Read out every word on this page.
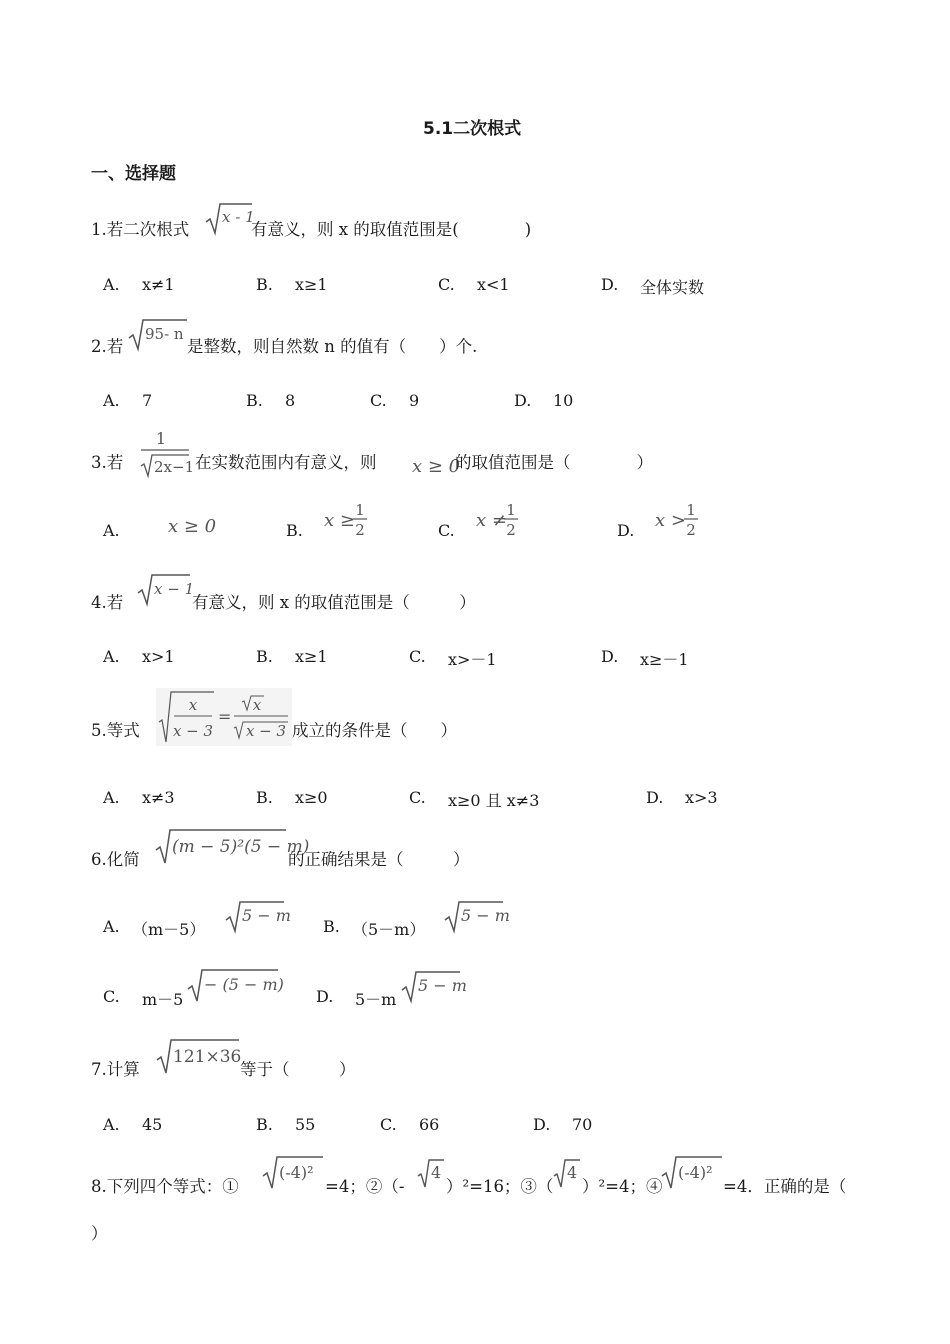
5.1二次根式
一、选择题
1.若二次根式
x - 1
有意义，则 x 的取值范围是(　　　　)
A. x≠1	B. x≥1	C. x<1	D. 全体实数
2.若
95- n
是整数，则自然数 n 的值有（　　）个.
A. 7	B. 8	C. 9	D. 10
3.若
1
2x−1 在实数范围内有意义，则 x ≥ 0
的取值范围是（　　　　）
A.	x ≥ 0	B. x ≥ 1
2	C. x ≠ 1
2	D. x > 1
2
4.若
x − 1
有意义，则 x 的取值范围是（　　　）
A. x>1	B. x≥1	C. x>－1	D. x≥－1
5.等式
x
x − 3
=
x
x − 3 成立的条件是（　　）
A. x≠3	B. x≥0	C. x≥0 且 x≠3	D. x>3
6.化简
(m − 5)²(5 − m)
的正确结果是（　　　）
A. （m－5）
5 − m
B. （5－m）
5 − m
C. m－5
− (5 − m)
D. 5－m
5 − m
7.计算
121×36
等于（　　　）
A. 45	B. 55	C. 66	D. 70
8.下列四个等式：①
(-4)²
=4；②（-
4
）²=16；③（
4
）²=4；④
(-4)²
=4．正确的是（
）
